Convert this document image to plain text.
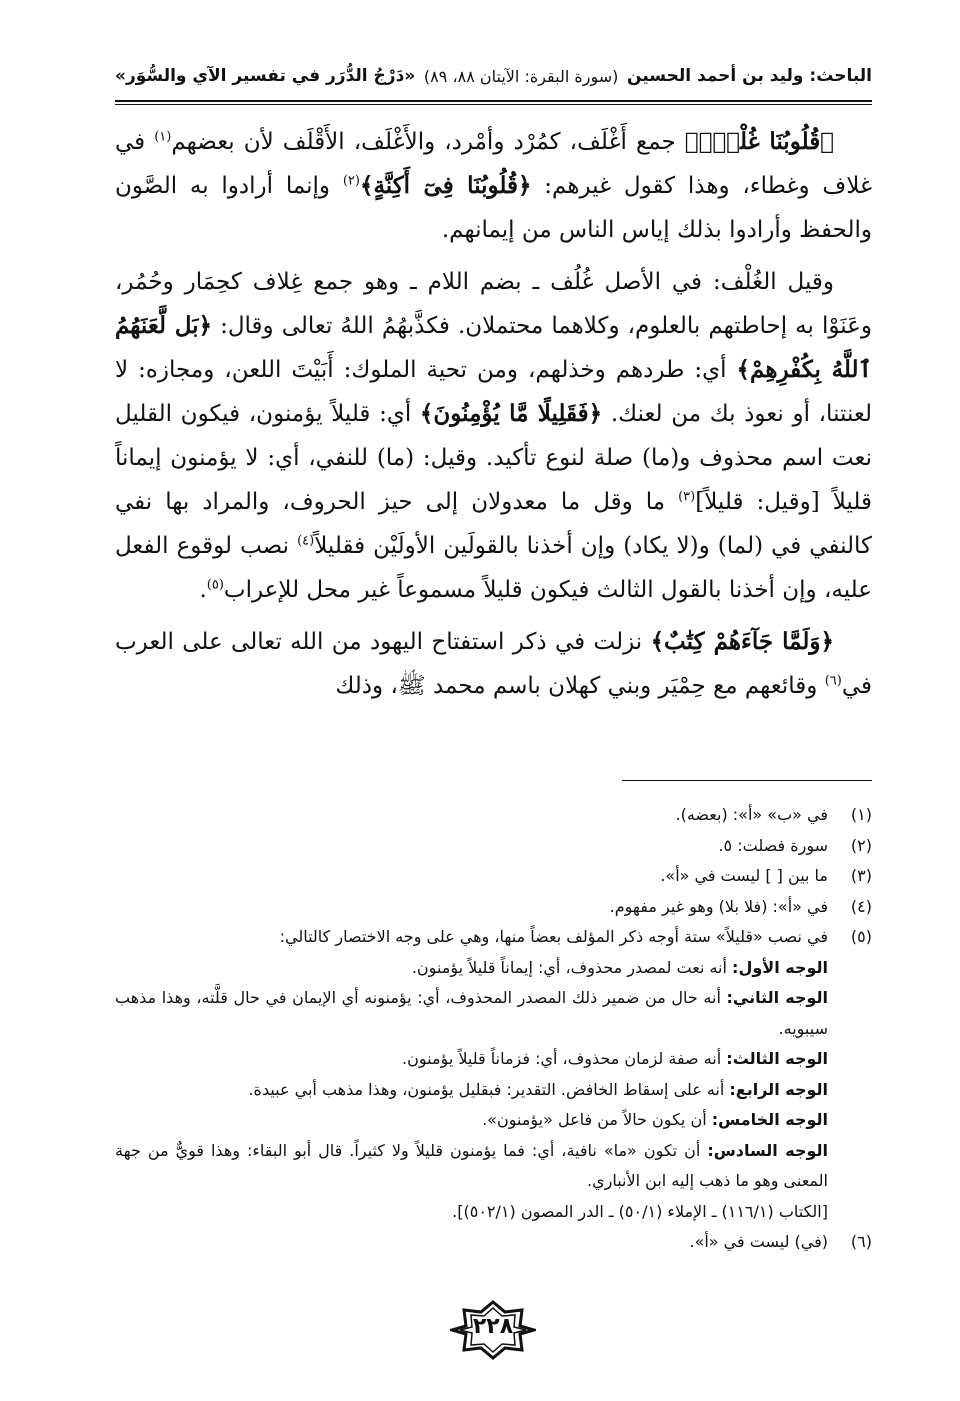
الباحث: وليد بن أحمد الحسين
(سورة البقرة: الآيتان ٨٨، ٨٩)
«دَرْجُ الدُّرَر في تفسير الآي والسُّوَر»

﴿قُلُوبُنَا غُلْفٌۢ﴾ جمع أَغْلَف، كمُرْد وأمْرد، والأَغْلَف، الأَقْلَف لأن بعضهم$^{(١)}$ في غلاف وغطاء، وهذا كقول غيرهم: ﴿قُلُوبُنَا فِىٓ أَكِنَّةٍ﴾$^{(٢)}$ وإنما أرادوا به الصَّون والحفظ وأرادوا بذلك إياس الناس من إيمانهم.

وقيل الغُلْف: في الأصل غُلُف ـ بضم اللام ـ وهو جمع غِلاف كحِمَار وحُمُر، وعَنَوْا به إحاطتهم بالعلوم، وكلاهما محتملان. فكذَّبهُمُ اللهُ تعالى وقال: ﴿بَل لَّعَنَهُمُ ٱللَّهُ بِكُفْرِهِمْ﴾ أي: طردهم وخذلهم، ومن تحية الملوك: أَبَيْتَ اللعن، ومجازه: لا لعنتنا، أو نعوذ بك من لعنك. ﴿فَقَلِيلًا مَّا يُؤْمِنُونَ﴾ أي: قليلاً يؤمنون، فيكون القليل نعت اسم محذوف و(ما) صلة لنوع تأكيد. وقيل: (ما) للنفي، أي: لا يؤمنون إيماناً قليلاً [وقيل: قليلاً]$^{(٣)}$ ما وقل ما معدولان إلى حيز الحروف، والمراد بها نفي كالنفي في (لما) و(لا يكاد) وإن أخذنا بالقولَين الأولَيْن فقليلاً$^{(٤)}$ نصب لوقوع الفعل عليه، وإن أخذنا بالقول الثالث فيكون قليلاً مسموعاً غير محل للإعراب$^{(٥)}$.

﴿وَلَمَّا جَآءَهُمْ كِتَٰبٌ﴾ نزلت في ذكر استفتاح اليهود من الله تعالى على العرب في$^{(٦)}$ وقائعهم مع حِمْيَر وبني كهلان باسم محمد ﷺ، وذلك

(١)
في «ب» «أ»: (بعضه).
(٢)
سورة فصلت: ٥.
(٣)
ما بين [ ] ليست في «أ».
(٤)
في «أ»: (فلا بلا) وهو غير مفهوم.
(٥)
في نصب «قليلاً» ستة أوجه ذكر المؤلف بعضاً منها، وهي على وجه الاختصار كالتالي:
الوجه الأول: أنه نعت لمصدر محذوف، أي: إيماناً قليلاً يؤمنون.
الوجه الثاني: أنه حال من ضمير ذلك المصدر المحذوف، أي: يؤمنونه أي الإيمان في حال قلَّته، وهذا مذهب سيبويه.
الوجه الثالث: أنه صفة لزمان محذوف، أي: فزماناً قليلاً يؤمنون.
الوجه الرابع: أنه على إسقاط الخافض. التقدير: فبقليل يؤمنون، وهذا مذهب أبي عبيدة.
الوجه الخامس: أن يكون حالاً من فاعل «يؤمنون».
الوجه السادس: أن تكون «ما» نافية، أي: فما يؤمنون قليلاً ولا كثيراً. قال أبو البقاء: وهذا قويٌّ من جهة المعنى وهو ما ذهب إليه ابن الأنباري.
[الكتاب (١١٦/١) ـ الإملاء (٥٠/١) ـ الدر المصون (٥٠٢/١)].
(٦)
(في) ليست في «أ».
٢٢٨
